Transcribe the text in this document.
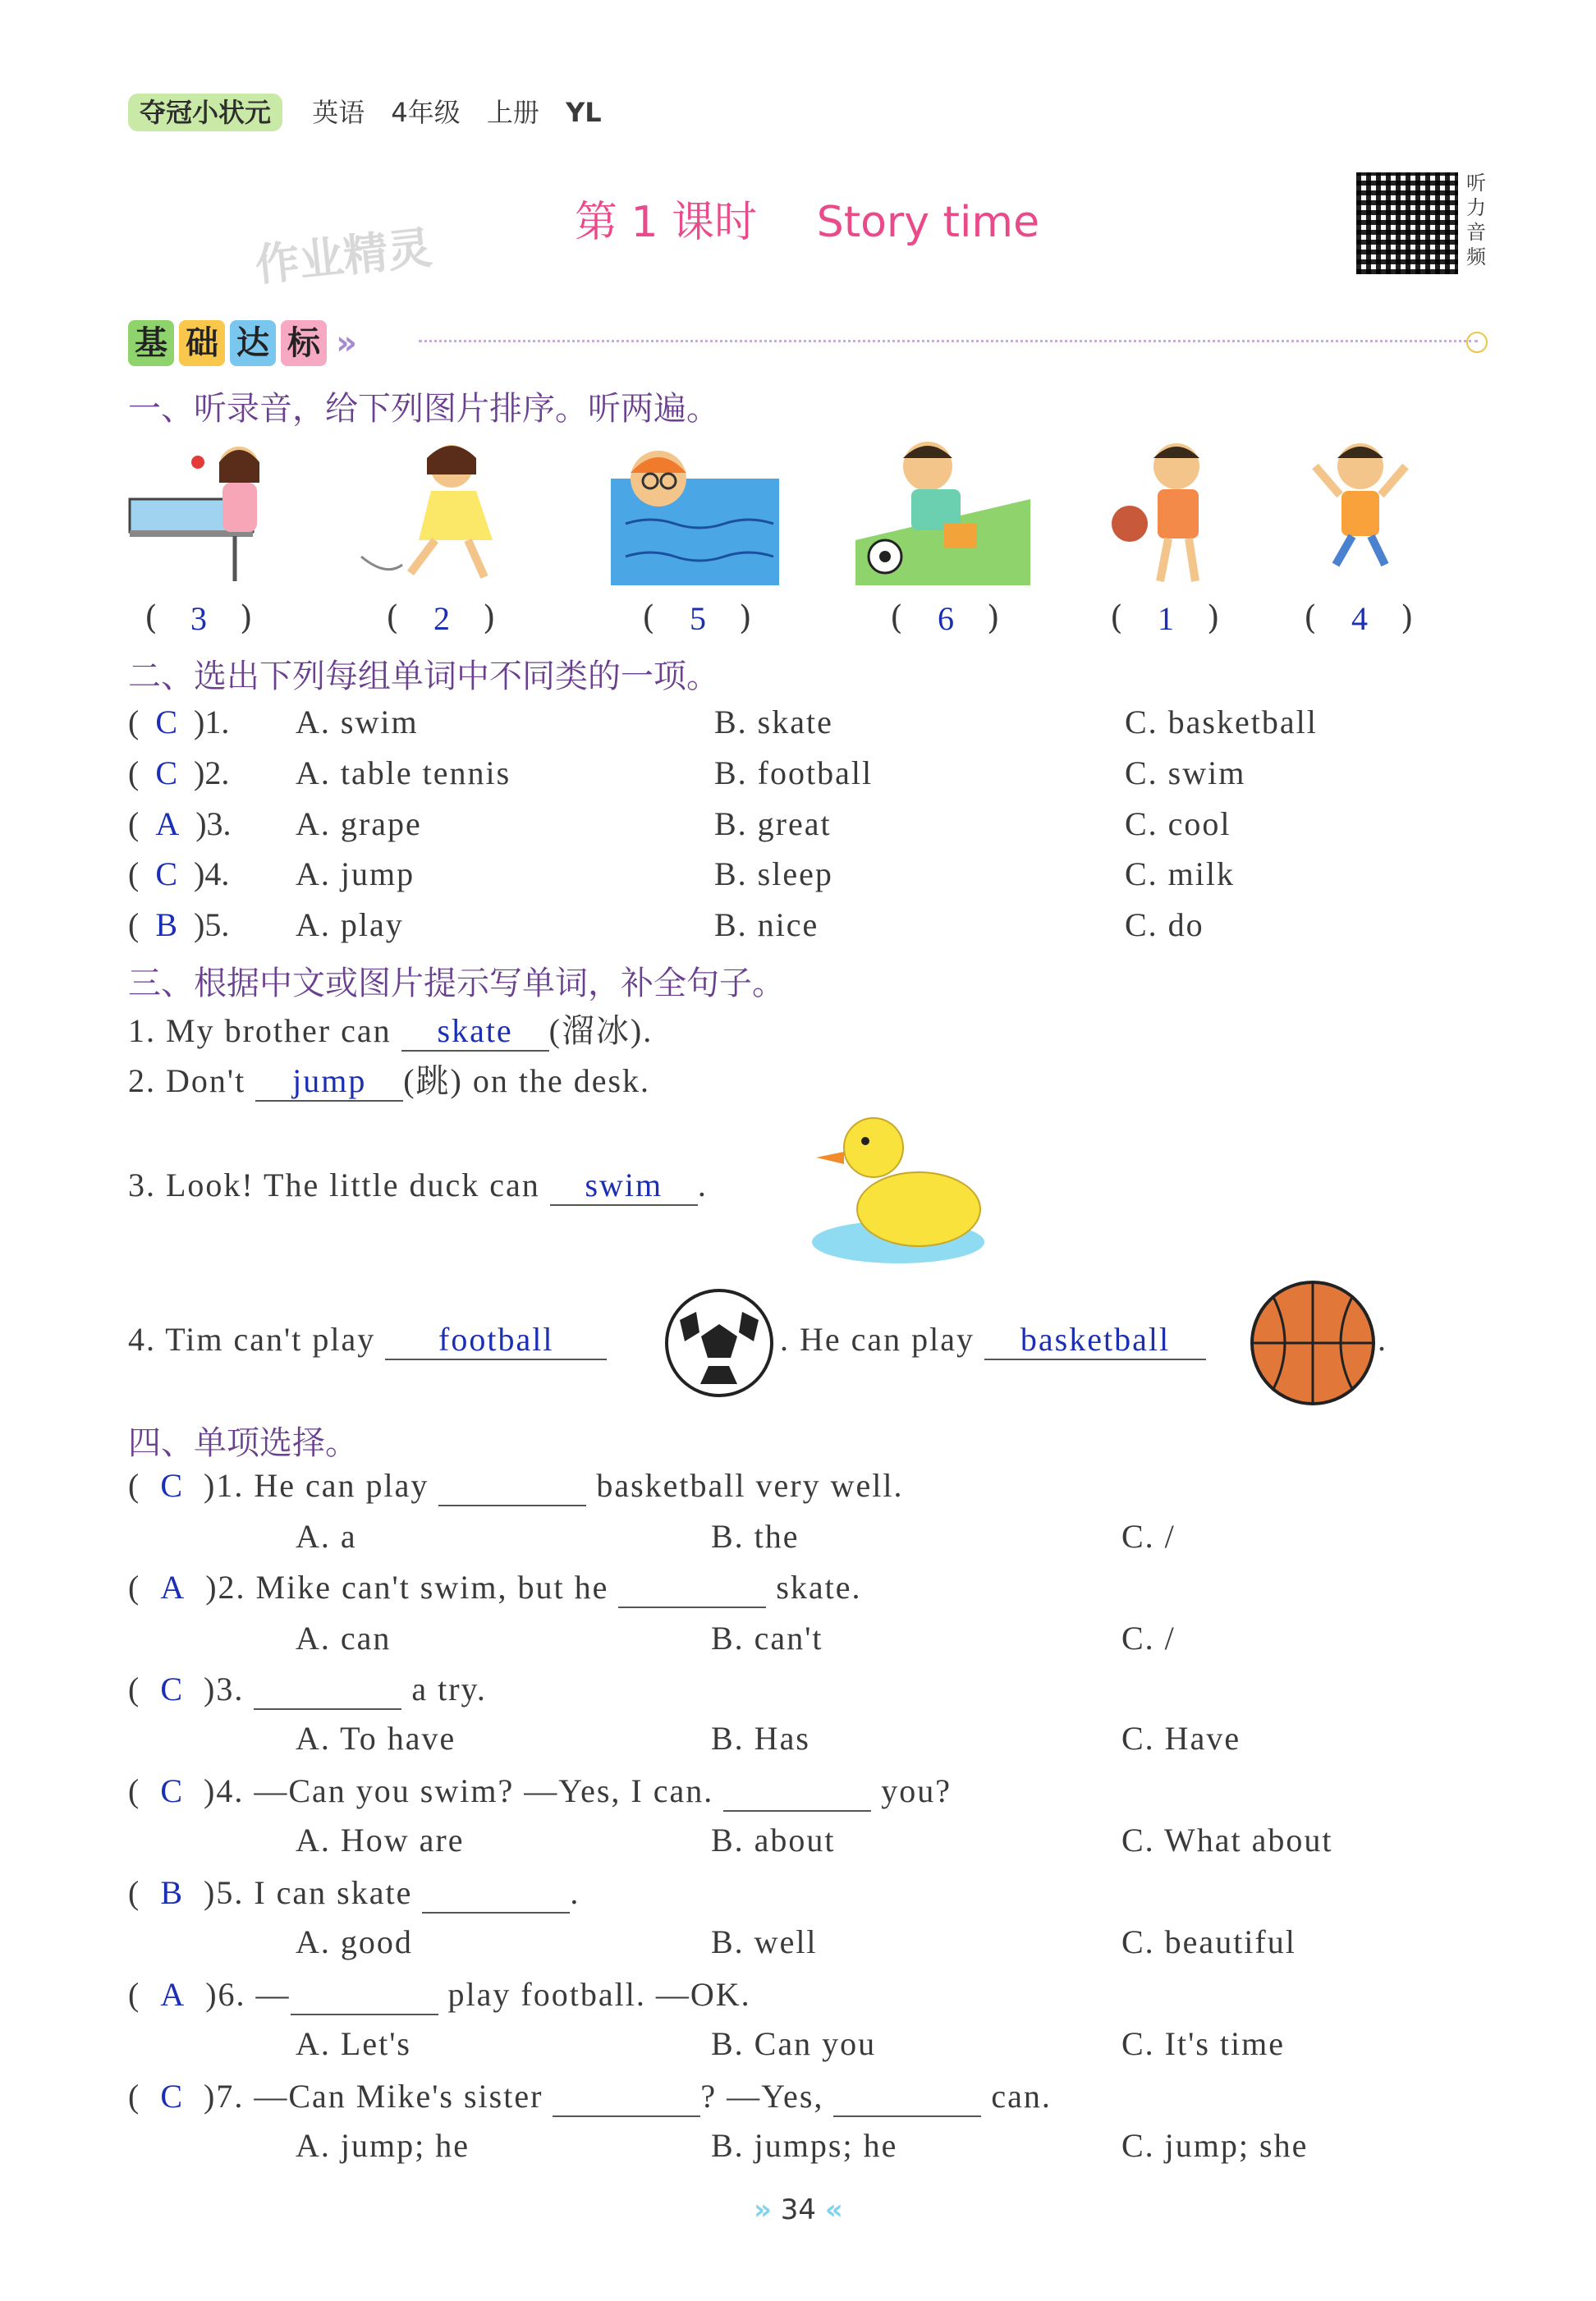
夺冠小状元 英语 4年级 上册 YL
第 1 课时 Story time
作业精灵
听
力
音
频
基 础 达 标 »
一、听录音，给下列图片排序。听两遍。
( 3 )	( 2 )	( 5 )	( 6 )	( 1 )	( 4 )
二、选出下列每组单词中不同类的一项。
(  C )1. A. swim	B. skate	C. basketball
(  C )2. A. table tennis	B. football	C. swim
(  A )3. A. grape	B. great	C. cool
(  C )4. A. jump	B. sleep	C. milk
(  B )5. A. play	B. nice	C. do
三、根据中文或图片提示写单词，补全句子。
1. My brother can skate (溜冰).
2. Don't jump (跳) on the desk.
3. Look! The little duck can swim .
4. Tim can't play football	. He can play basketball	.
四、单项选择。
(  C )1. He can play	basketball very well.
A. a	B. the	C. /
(  A )2. Mike can't swim, but he	skate.
A. can	B. can't	C. /
(  C )3.	a try.
A. To have	B. Has	C. Have
(  C )4. —Can you swim? —Yes, I can.	you?
A. How are	B. about	C. What about
(  B )5. I can skate	.
A. good	B. well	C. beautiful
(  A )6. —	play football. —OK.
A. Let's	B. Can you	C. It's time
(  C )7. —Can Mike's sister	? —Yes,	can.
A. jump; he	B. jumps; he	C. jump; she
» 34 «
